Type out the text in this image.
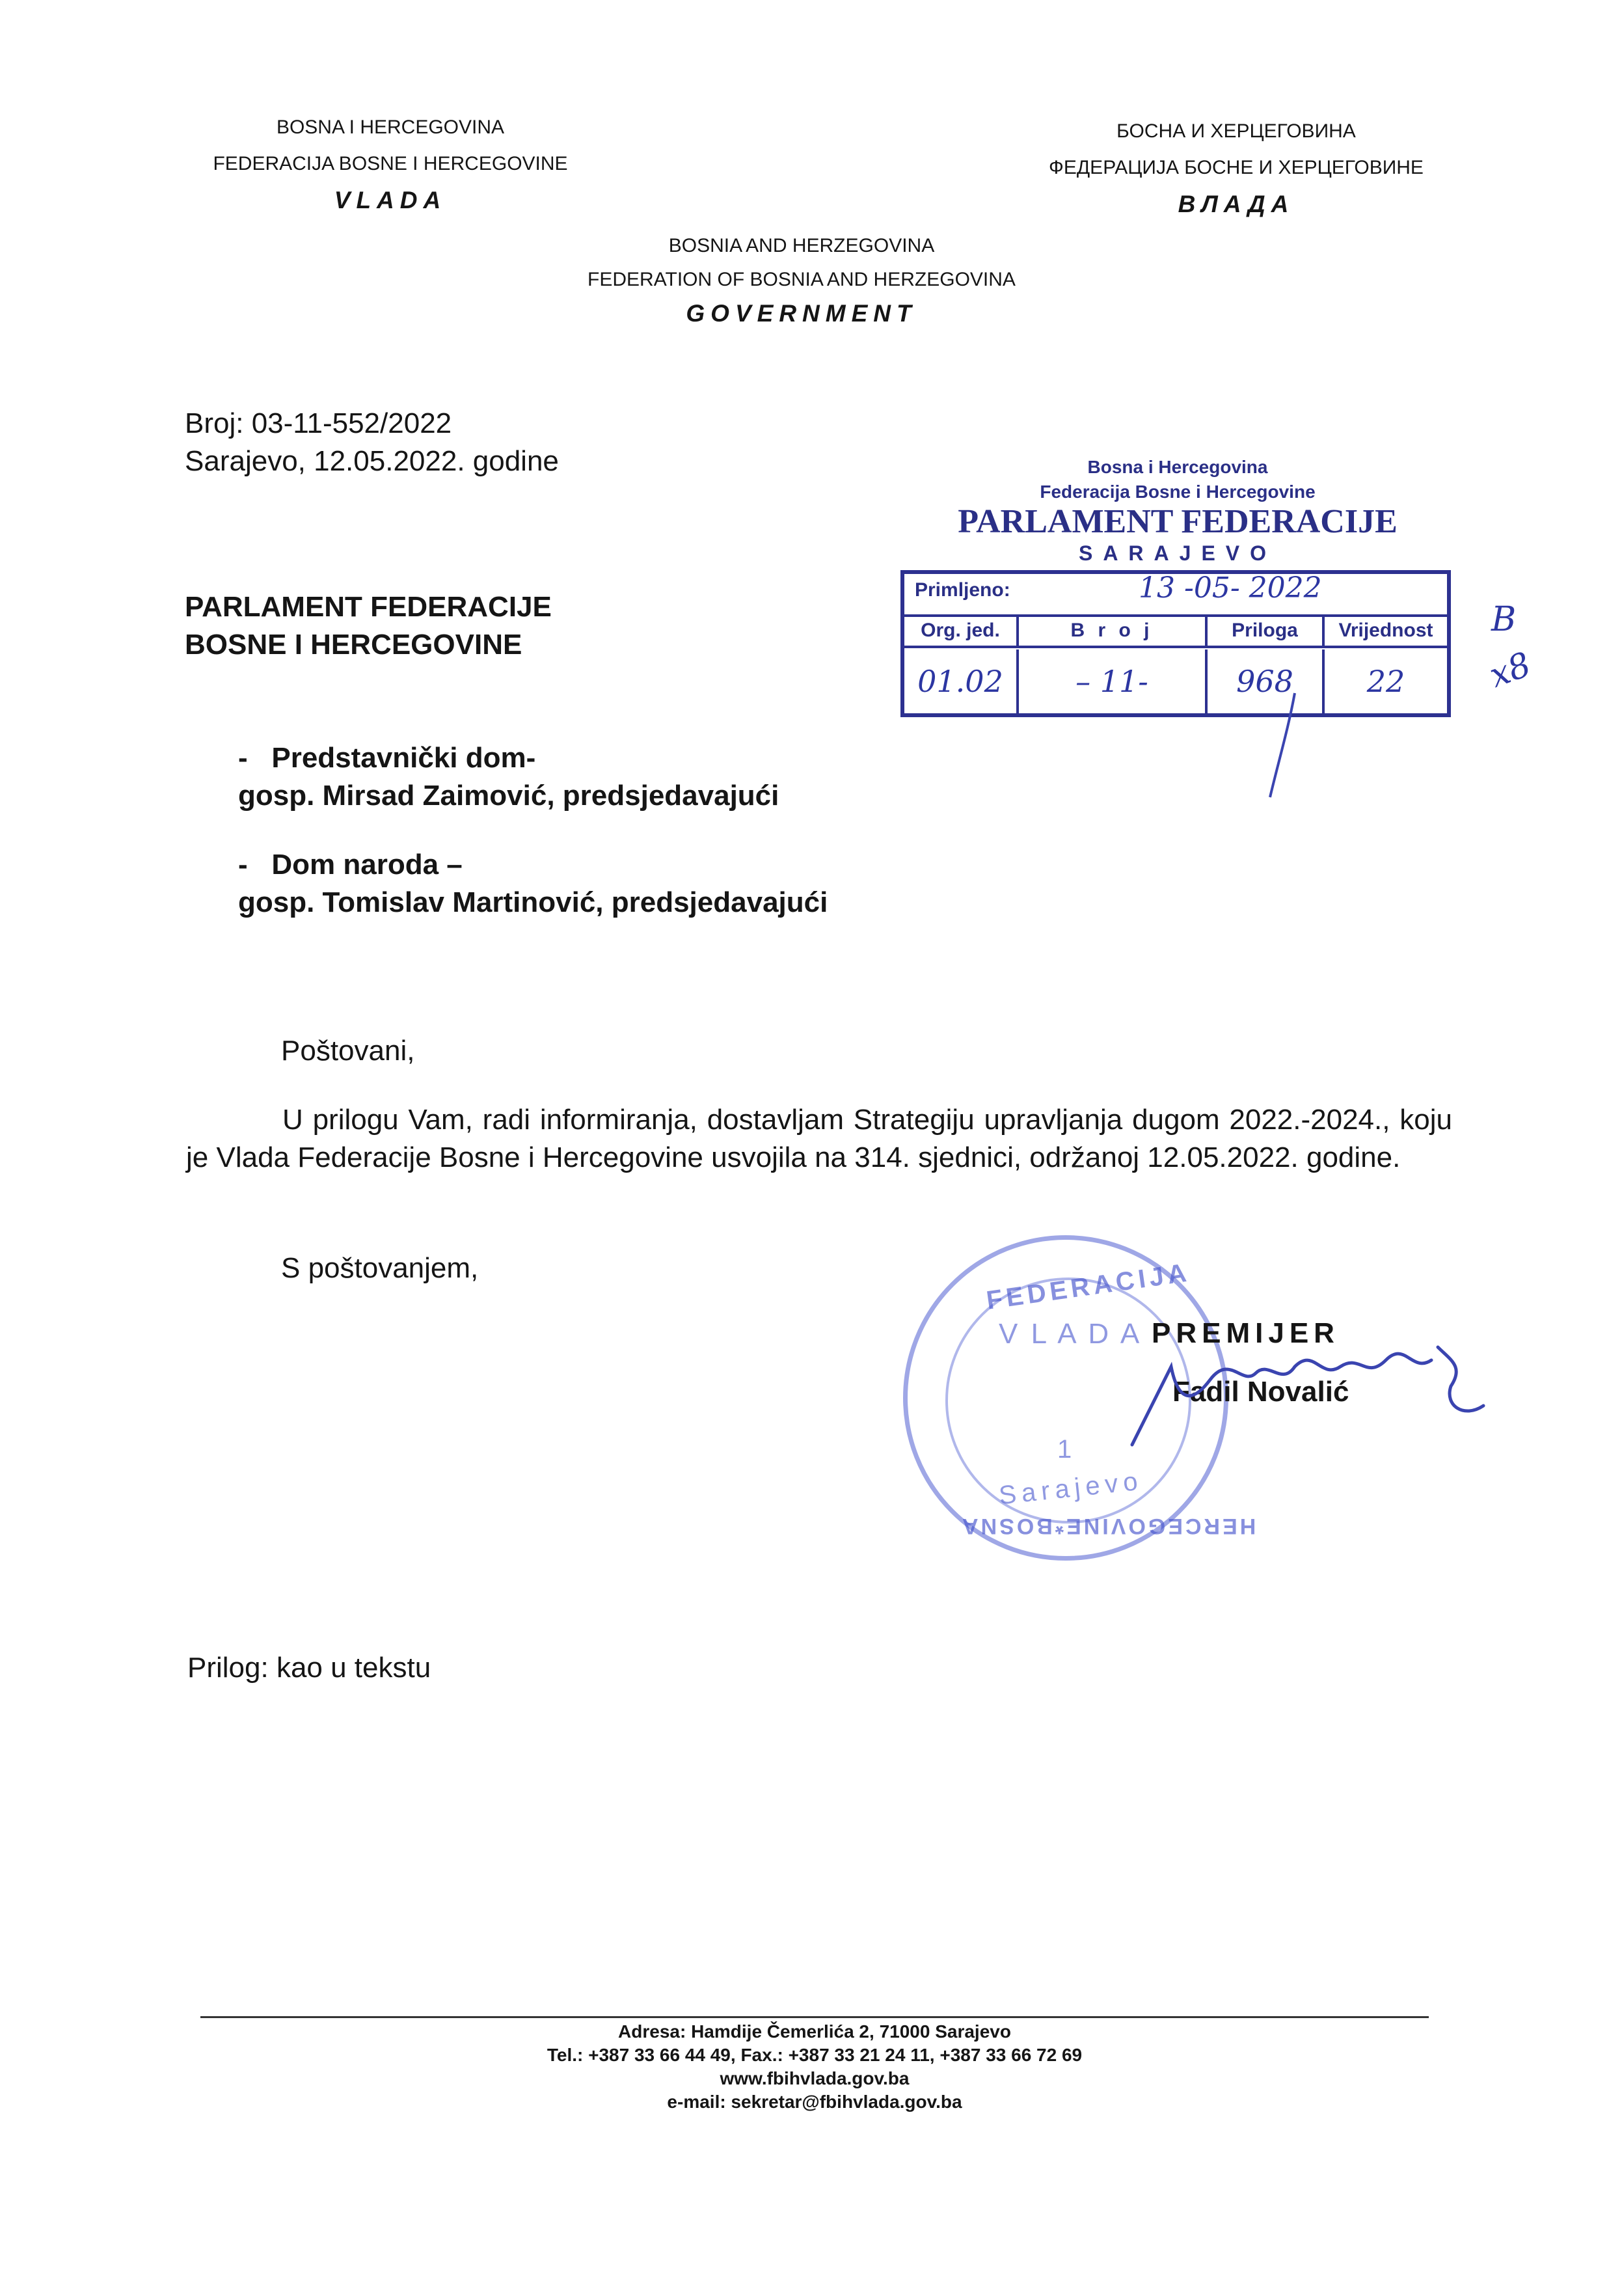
BOSNA I HERCEGOVINA
FEDERACIJA BOSNE I HERCEGOVINE
VLADA
БОСНА И ХЕРЦЕГОВИНА
ФЕДЕРАЦИЈА БОСНЕ И ХЕРЦЕГОВИНЕ
ВЛАДА
BOSNIA AND HERZEGOVINA
FEDERATION OF BOSNIA AND HERZEGOVINA
GOVERNMENT
Broj: 03-11-552/2022
Sarajevo, 12.05.2022. godine
PARLAMENT FEDERACIJE
BOSNE I HERCEGOVINE
- Predstavnički dom-
gosp. Mirsad Zaimović, predsjedavajući
- Dom naroda –
gosp. Tomislav Martinović, predsjedavajući
Poštovani,
U prilogu Vam, radi informiranja, dostavljam Strategiju upravljanja dugom 2022.-2024., koju je Vlada Federacije Bosne i Hercegovine usvojila na 314. sjednici, održanoj 12.05.2022. godine.
S poštovanjem,	FEDERACIJA
V L A D A
1
Sarajevo
HERCEGOVINE*BOSNA
PREMIJER
Fadil Novalić
Prilog: kao u tekstu
Bosna i Hercegovina
Federacija Bosne i Hercegovine
PARLAMENT FEDERACIJE
SARAJEVO
Primljeno:	13 -05- 2022
Org. jed.	B r o j	Priloga	Vrijednost
01.02	– 11-	968	22
B
x8
Adresa: Hamdije Čemerlića 2, 71000 Sarajevo
Tel.: +387 33 66 44 49, Fax.: +387 33 21 24 11, +387 33 66 72 69
www.fbihvlada.gov.ba
e-mail: sekretar@fbihvlada.gov.ba
